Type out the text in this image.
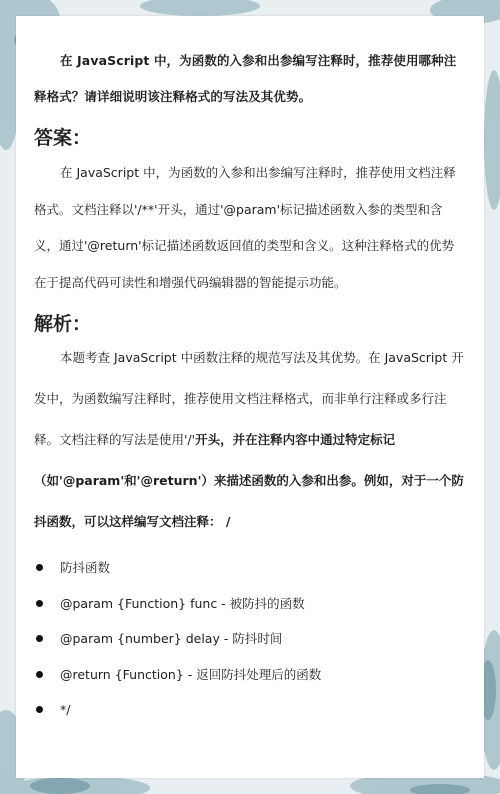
在 JavaScript 中，为函数的入参和出参编写注释时，推荐使用哪种注释格式？请详细说明该注释格式的写法及其优势。

答案：

在 JavaScript 中，为函数的入参和出参编写注释时，推荐使用文档注释格式。文档注释以'/**'开头，通过'@param'标记描述函数入参的类型和含义，通过'@return'标记描述函数返回值的类型和含义。这种注释格式的优势在于提高代码可读性和增强代码编辑器的智能提示功能。

解析：

本题考查 JavaScript 中函数注释的规范写法及其优势。在 JavaScript 开发中，为函数编写注释时，推荐使用文档注释格式，而非单行注释或多行注释。文档注释的写法是使用'/'开头，并在注释内容中通过特定标记（如'@param'和'@return'）来描述函数的入参和出参。例如，对于一个防抖函数，可以这样编写文档注释： /

防抖函数
@param {Function} func - 被防抖的函数
@param {number} delay - 防抖时间
@return {Function} - 返回防抖处理后的函数
*/
